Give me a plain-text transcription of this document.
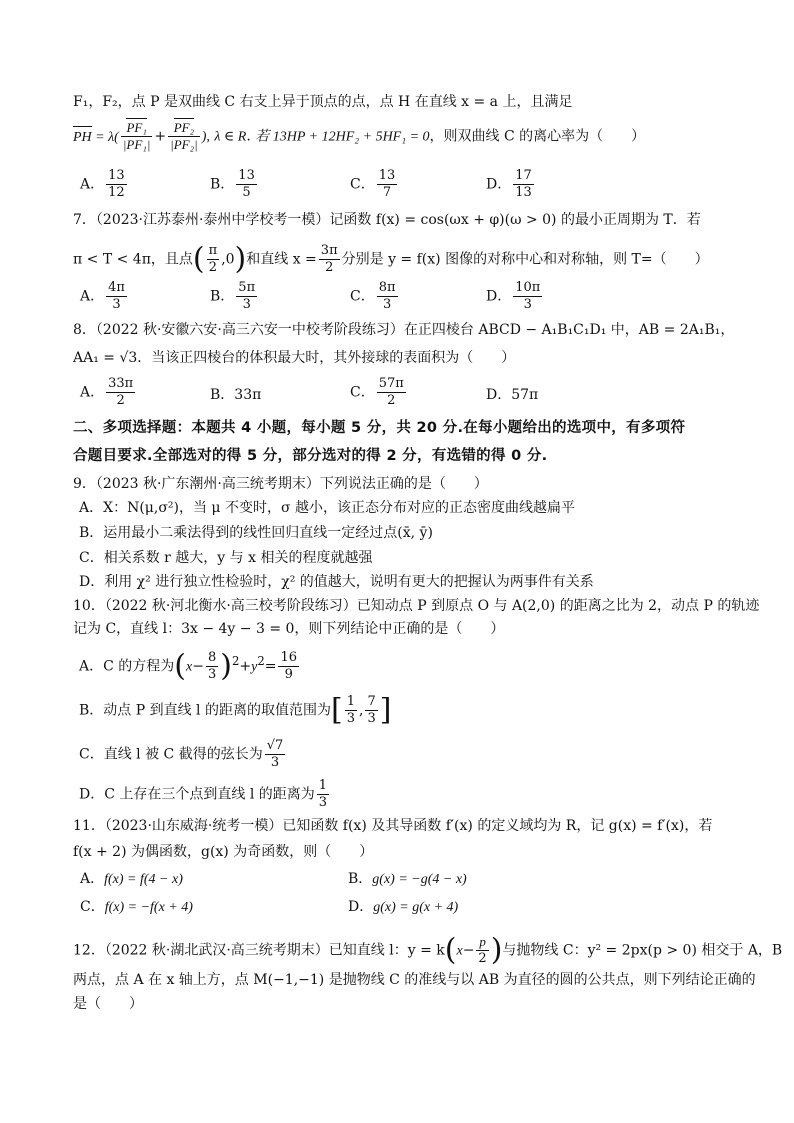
F₁，F₂，点 P 是双曲线 C 右支上异于顶点的点，点 H 在直线 x = a 上，且满足
PH = $\lambda( \frac{\text{PF₁}}{\text{|PF₁|}} + \frac{\text{PF₂}}{\text{|PF₂|}}$ ), λ ∈ R. 若 13HP + 12HF₂ + 5HF₁ = 0，则双曲线 C 的离心率为（　　）
A． $\frac{13}{12}$	B． $\frac{13}{5}$	C． $\frac{13}{7}$	D． $\frac{17}{13}$
7．（2023·江苏泰州·泰州中学校考一模）记函数 f(x) = cos(ωx + φ)(ω > 0) 的最小正周期为 T．若
π < T < 4π，且点( $\frac{\pi}{2} ,0$)和直线 $x = \frac{3\pi}{2}$ 分别是 y = f(x) 图像的对称中心和对称轴，则 T=（　　）
A． $\frac{4\pi}{3}$	B． $\frac{5\pi}{3}$	C． $\frac{8\pi}{3}$	D． $\frac{10\pi}{3}$
8．（2022 秋·安徽六安·高三六安一中校考阶段练习）在正四棱台 ABCD − A₁B₁C₁D₁ 中，AB = 2A₁B₁，
AA₁ = √3．当该正四棱台的体积最大时，其外接球的表面积为（　　）
A． $\frac{33\pi}{2}$	B．33π	C． $\frac{57\pi}{2}$	D．57π
二、多项选择题：本题共 4 小题，每小题 5 分，共 20 分.在每小题给出的选项中，有多项符
合题目要求.全部选对的得 5 分，部分选对的得 2 分，有选错的得 0 分.
9．（2023 秋·广东潮州·高三统考期末）下列说法正确的是（　　）
A．X：N(μ,σ²)，当 μ 不变时，σ 越小，该正态分布对应的正态密度曲线越扁平
B．运用最小二乘法得到的线性回归直线一定经过点(x̄, ȳ)
C．相关系数 r 越大，y 与 x 相关的程度就越强
D．利用 χ² 进行独立性检验时，χ² 的值越大，说明有更大的把握认为两事件有关系
10．（2022 秋·河北衡水·高三校考阶段练习）已知动点 P 到原点 O 与 A(2,0) 的距离之比为 2，动点 P 的轨迹
记为 C，直线 l：3x − 4y − 3 = 0，则下列结论中正确的是（　　）
A．C 的方程为$(x- \frac{8}{3} )^2+y^2= \frac{16}{9}$
B．动点 P 到直线 l 的距离的取值范围为[ $\frac{1}{3}$ , $\frac{7}{3}$ ]
C．直线 l 被 C 截得的弦长为 $\frac{√7}{3}$
D．C 上存在三个点到直线 l 的距离为 $\frac{1}{3}$
11．（2023·山东威海·统考一模）已知函数 f(x) 及其导函数 f′(x) 的定义域均为 R，记 g(x) = f′(x)，若
f(x + 2) 为偶函数，g(x) 为奇函数，则（　　）
A．f(x) = f(4 − x)	B．g(x) = −g(4 − x)
C．f(x) = −f(x + 4)	D．g(x) = g(x + 4)
12．（2022 秋·湖北武汉·高三统考期末）已知直线 l：$y = k(x- \frac{p}{2}$ )与抛物线 C：y² = 2px(p > 0) 相交于 A，B
两点，点 A 在 x 轴上方，点 M(−1,−1) 是抛物线 C 的准线与以 AB 为直径的圆的公共点，则下列结论正确的
是（　　）
